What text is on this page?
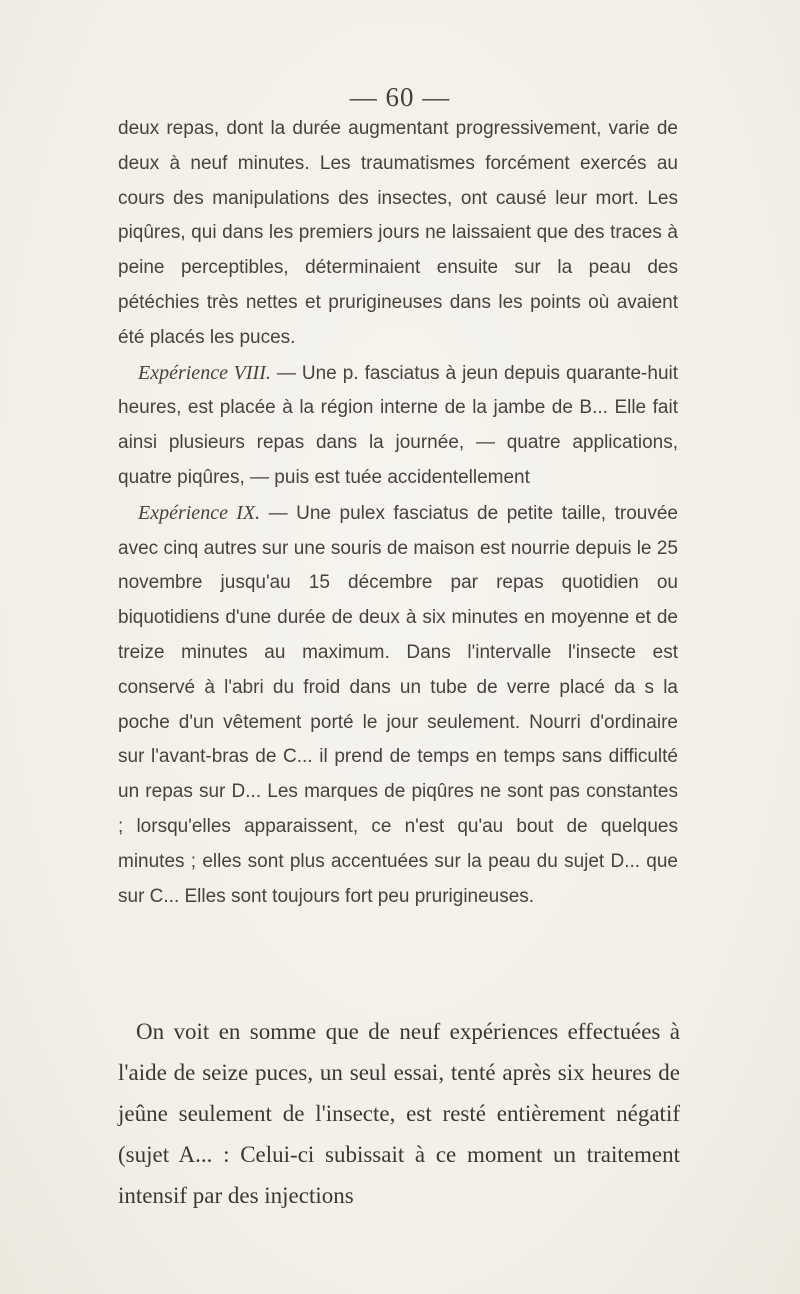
— 60 —

deux repas, dont la durée augmentant progressivement, varie de deux à neuf minutes. Les traumatismes forcément exercés au cours des manipulations des insectes, ont causé leur mort. Les piqûres, qui dans les premiers jours ne laissaient que des traces à peine perceptibles, déterminaient ensuite sur la peau des pétéchies très nettes et prurigineuses dans les points où avaient été placés les puces.

Expérience VIII. — Une p. fasciatus à jeun depuis quarante-huit heures, est placée à la région interne de la jambe de B... Elle fait ainsi plusieurs repas dans la journée, — quatre applications, quatre piqûres, — puis est tuée accidentellement

Expérience IX. — Une pulex fasciatus de petite taille, trouvée avec cinq autres sur une souris de maison est nourrie depuis le 25 novembre jusqu'au 15 décembre par repas quotidien ou biquotidiens d'une durée de deux à six minutes en moyenne et de treize minutes au maximum. Dans l'intervalle l'insecte est conservé à l'abri du froid dans un tube de verre placé da s la poche d'un vêtement porté le jour seulement. Nourri d'ordinaire sur l'avant-bras de C... il prend de temps en temps sans difficulté un repas sur D... Les marques de piqûres ne sont pas constantes ; lorsqu'elles apparaissent, ce n'est qu'au bout de quelques minutes ; elles sont plus accentuées sur la peau du sujet D... que sur C... Elles sont toujours fort peu prurigineuses.

On voit en somme que de neuf expériences effectuées à l'aide de seize puces, un seul essai, tenté après six heures de jeûne seulement de l'insecte, est resté entièrement négatif (sujet A... : Celui-ci subissait à ce moment un traitement intensif par des injections
